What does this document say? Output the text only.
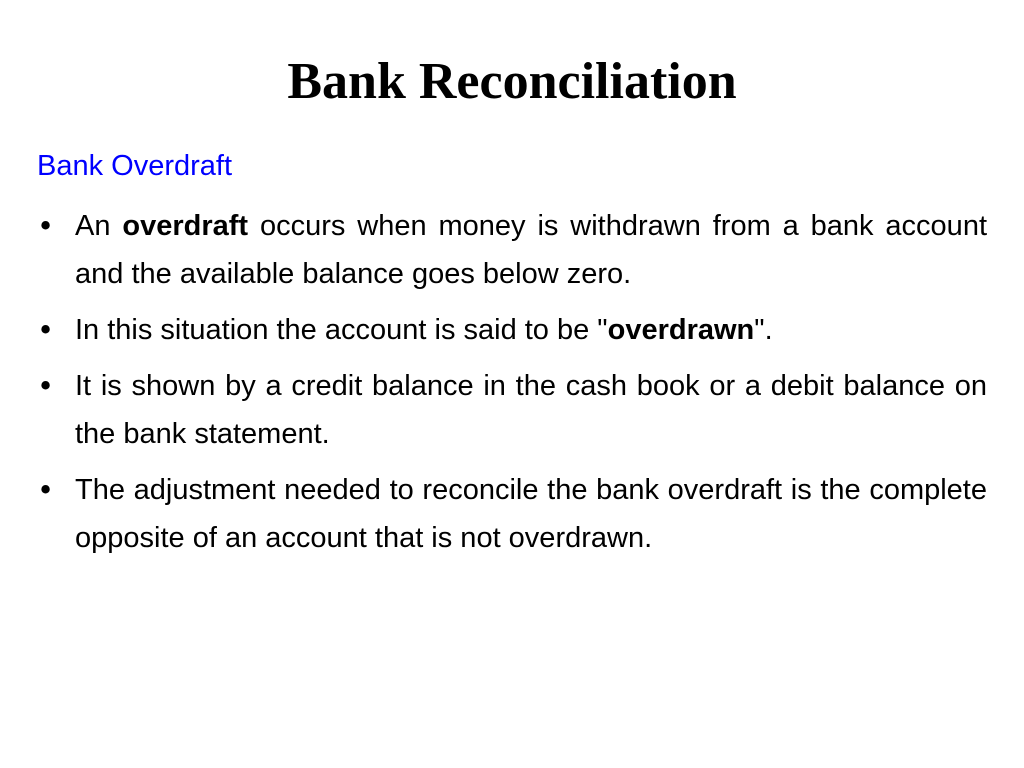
Bank Reconciliation
Bank Overdraft
• An overdraft occurs when money is withdrawn from a bank account and the available balance goes below zero.
• In this situation the account is said to be "overdrawn".
• It is shown by a credit balance in the cash book or a debit balance on the bank statement.
• The adjustment needed to reconcile the bank overdraft is the complete opposite of an account that is not overdrawn.
